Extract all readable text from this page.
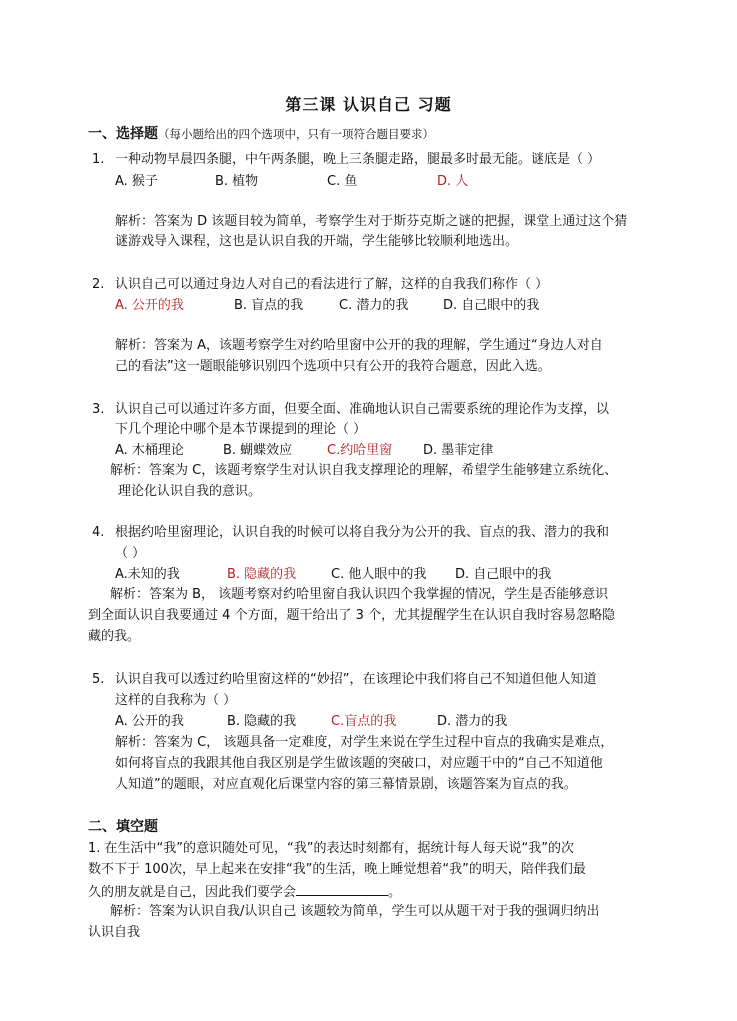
第三课 认识自己 习题
一、选择题（每小题给出的四个选项中，只有一项符合题目要求）
1. 一种动物早晨四条腿，中午两条腿，晚上三条腿走路，腿最多时最无能。谜底是（ ）
A. 猴子	B. 植物	C. 鱼	D. 人
解析：答案为 D 该题目较为简单，考察学生对于斯芬克斯之谜的把握，课堂上通过这个猜
谜游戏导入课程，这也是认识自我的开端，学生能够比较顺利地选出。
2. 认识自己可以通过身边人对自己的看法进行了解，这样的自我我们称作（ ）
A. 公开的我	B. 盲点的我	C. 潜力的我	D. 自己眼中的我
解析：答案为 A，该题考察学生对约哈里窗中公开的我的理解，学生通过“身边人对自
己的看法”这一题眼能够识别四个选项中只有公开的我符合题意，因此入选。
3. 认识自己可以通过许多方面，但要全面、准确地认识自己需要系统的理论作为支撑，以
下几个理论中哪个是本节课提到的理论（ ）
A. 木桶理论	B. 蝴蝶效应	C.约哈里窗 D. 墨菲定律
解析：答案为 C，该题考察学生对认识自我支撑理论的理解，希望学生能够建立系统化、
理论化认识自我的意识。
4. 根据约哈里窗理论，认识自我的时候可以将自我分为公开的我、盲点的我、潜力的我和
（ ）
A.未知的我	B. 隐藏的我	C. 他人眼中的我 D. 自己眼中的我
解析：答案为 B， 该题考察对约哈里窗自我认识四个我掌握的情况，学生是否能够意识
到全面认识自我要通过 4 个方面，题干给出了 3 个，尤其提醒学生在认识自我时容易忽略隐
藏的我。
5. 认识自我可以透过约哈里窗这样的“妙招”，在该理论中我们将自己不知道但他人知道
这样的自我称为（ ）
A. 公开的我	B. 隐藏的我	C.盲点的我	D. 潜力的我
解析：答案为 C， 该题具备一定难度，对学生来说在学生过程中盲点的我确实是难点，
如何将盲点的我跟其他自我区别是学生做该题的突破口，对应题干中的“自己不知道他
人知道”的题眼，对应直观化后课堂内容的第三幕情景剧，该题答案为盲点的我。
二、填空题
1. 在生活中“我”的意识随处可见，“我”的表达时刻都有，据统计每人每天说“我”的次
数不下于 100次，早上起来在安排“我”的生活，晚上睡觉想着“我”的明天，陪伴我们最
久的朋友就是自己，因此我们要学会	。
解析：答案为认识自我/认识自己 该题较为简单，学生可以从题干对于我的强调归纳出
认识自我
